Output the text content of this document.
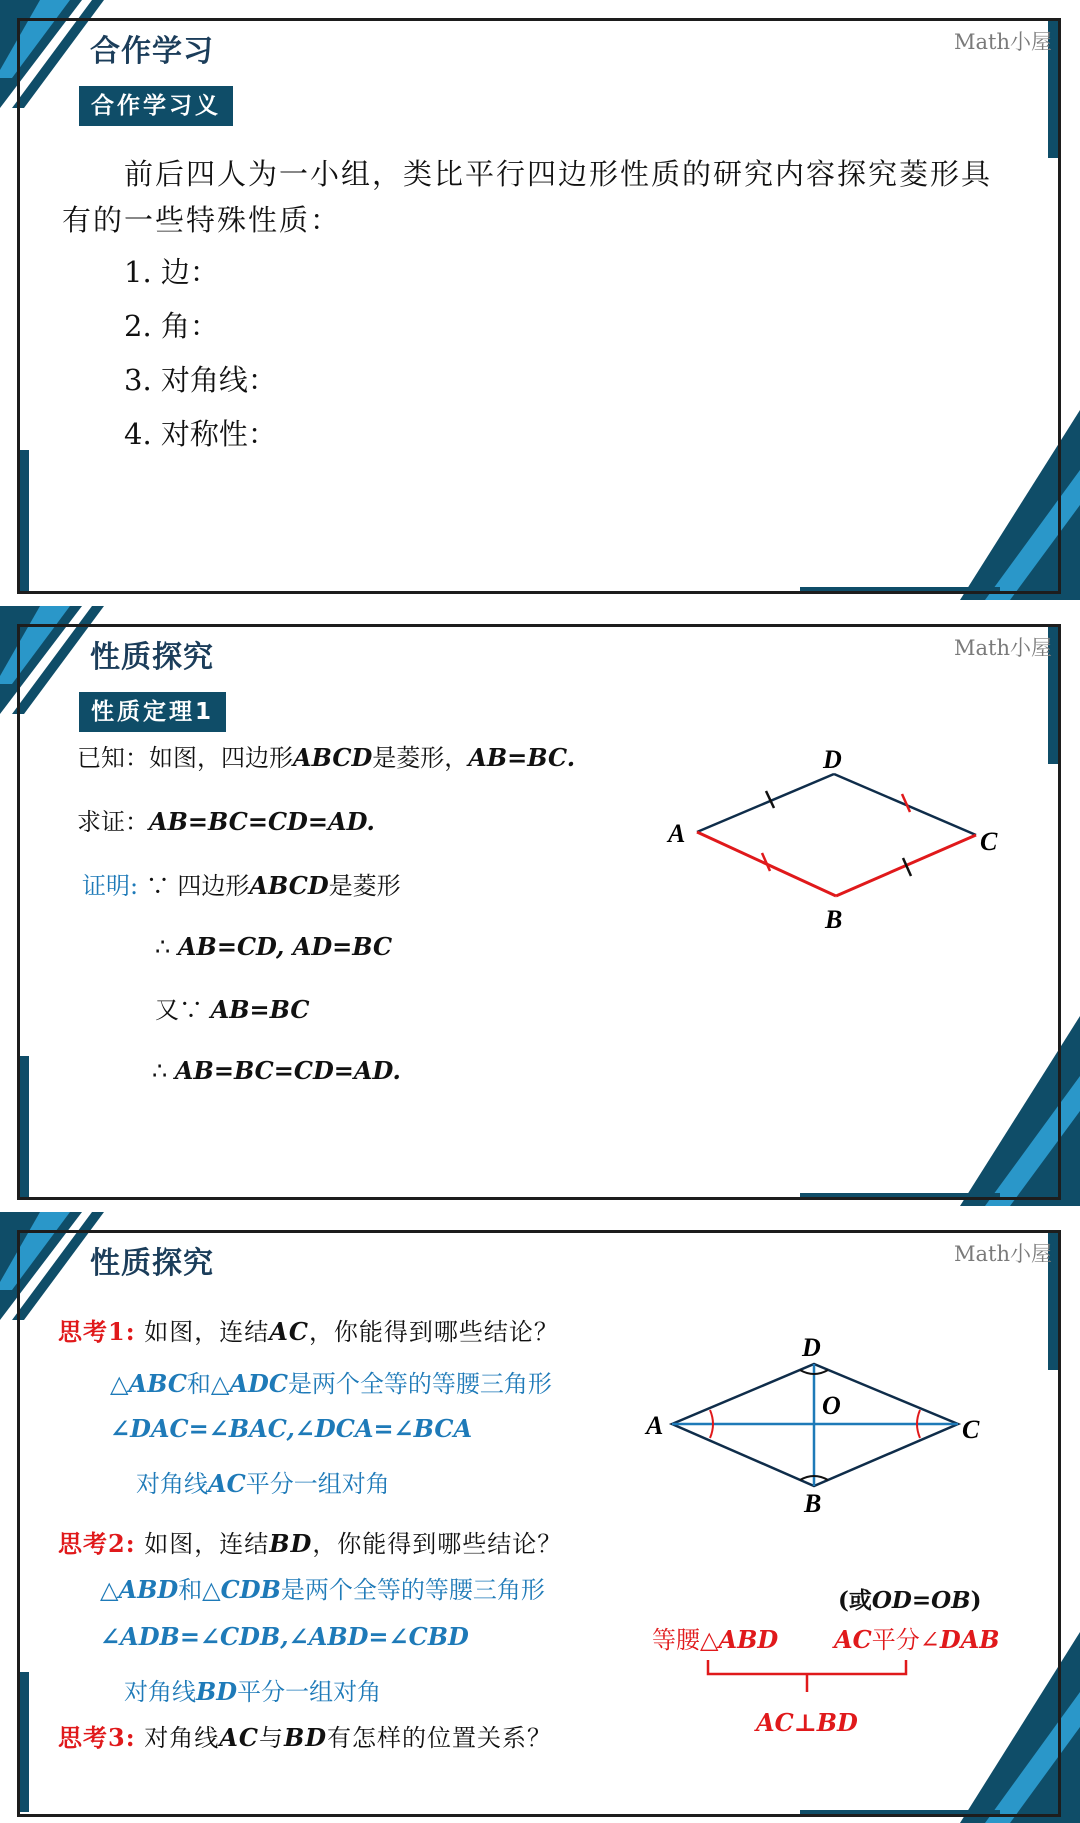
合作学习	Math小屋
合作学习义
前后四人为一小组，类比平行四边形性质的研究内容探究菱形具
有的一些特殊性质：
1. 边：
2. 角：
3. 对角线：
4. 对称性：
性质探究	Math小屋
性质定理1
已知：如图，四边形ABCD是菱形，AB=BC.
求证：AB=BC=CD=AD.
证明: ∵ 四边形ABCD是菱形
∴ AB=CD, AD=BC
又∵ AB=BC
∴ AB=BC=CD=AD.
D
A	C
B
性质探究	Math小屋
思考1: 如图，连结AC，你能得到哪些结论？
△ABC和△ADC是两个全等的等腰三角形
∠DAC=∠BAC,∠DCA=∠BCA
对角线AC平分一组对角
思考2: 如图，连结BD，你能得到哪些结论？
△ABD和△CDB是两个全等的等腰三角形
∠ADB=∠CDB,∠ABD=∠CBD
对角线BD平分一组对角
思考3: 对角线AC与BD有怎样的位置关系？
D
A	C
B
O
(或OD=OB)
等腰△ABD AC平分∠DAB
AC⊥BD
